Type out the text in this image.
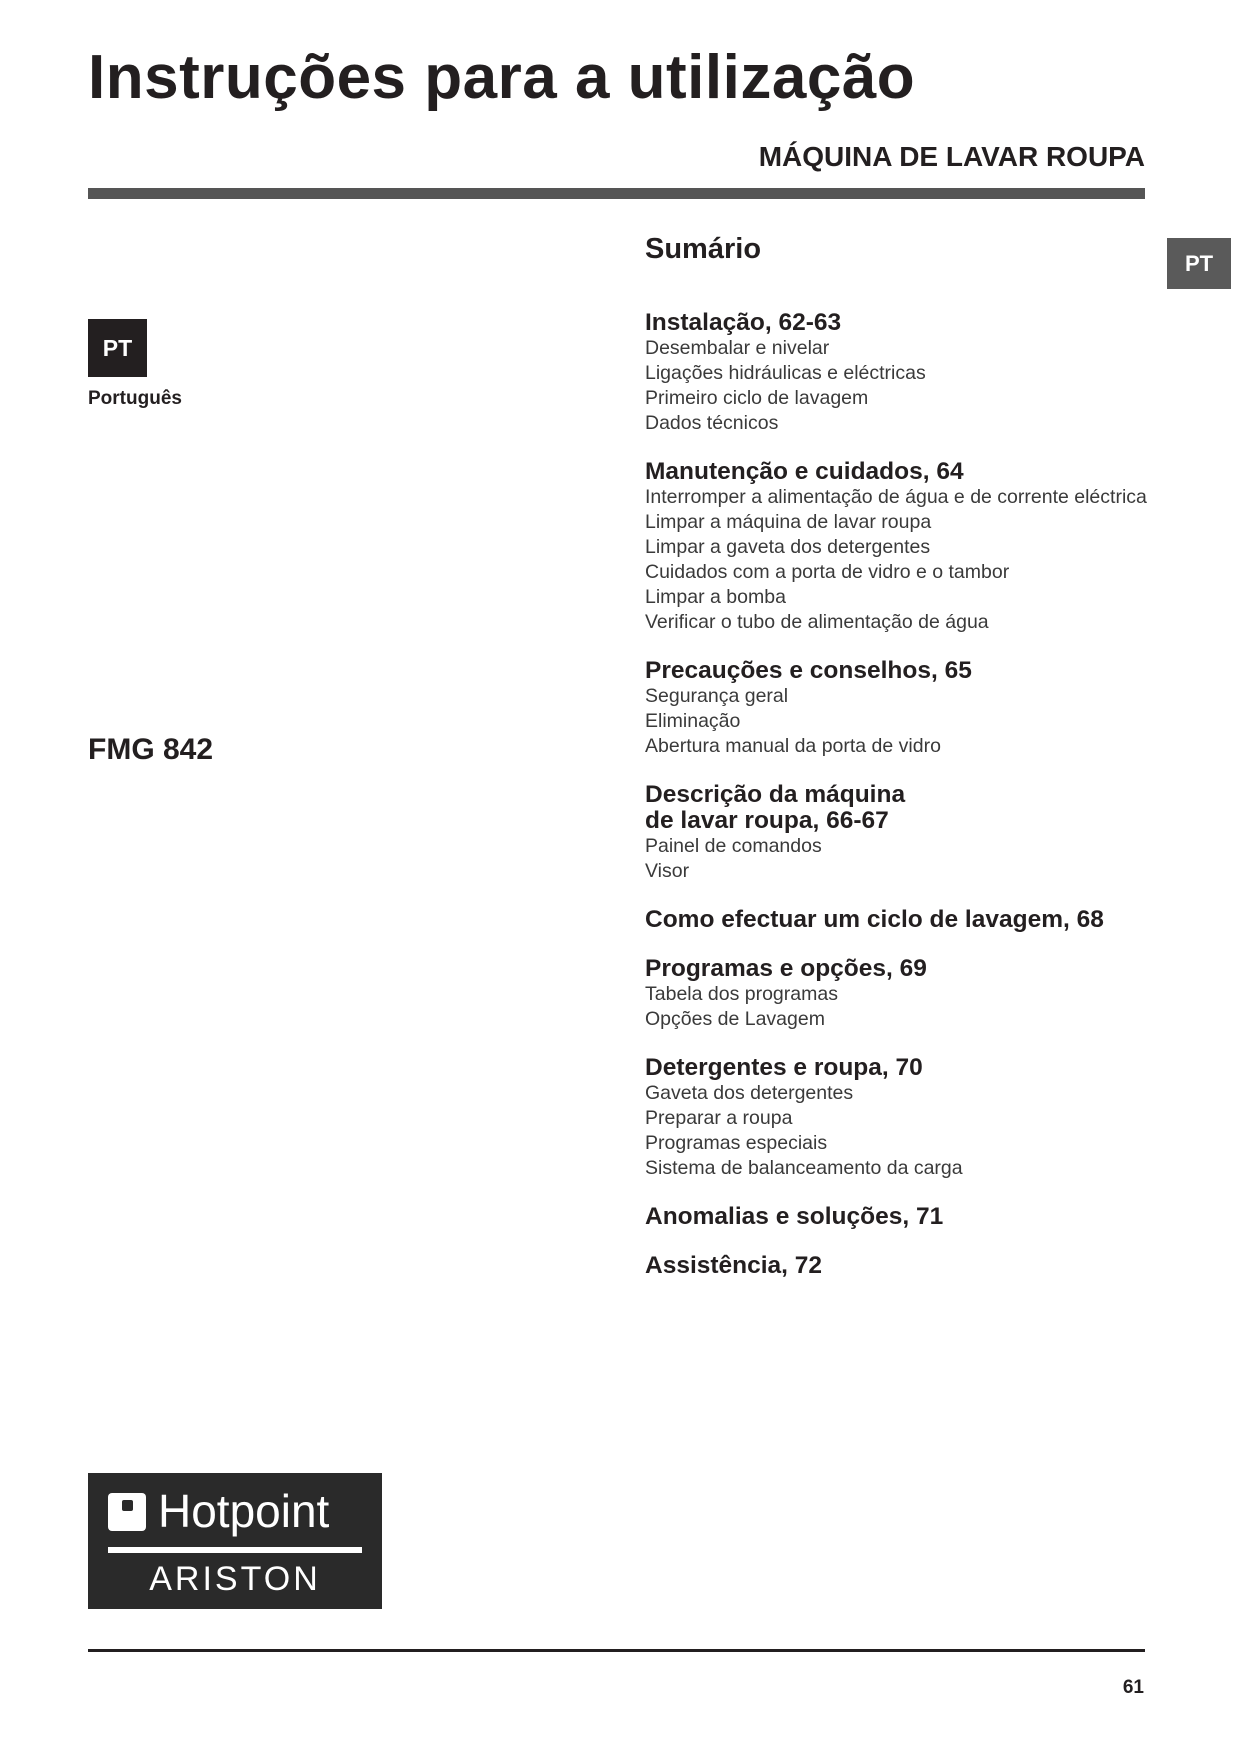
Instruções para a utilização
MÁQUINA DE LAVAR ROUPA
PT
PT
Português
FMG 842
Sumário
Instalação, 62-63
Desembalar e nivelar
Ligações hidráulicas e eléctricas
Primeiro ciclo de lavagem
Dados técnicos
Manutenção e cuidados, 64
Interromper a alimentação de água e de corrente eléctrica
Limpar a máquina de lavar roupa
Limpar a gaveta dos detergentes
Cuidados com a porta de vidro e o tambor
Limpar a bomba
Verificar o tubo de alimentação de água
Precauções e conselhos, 65
Segurança geral
Eliminação
Abertura manual da porta de vidro
Descrição da máquina
de lavar roupa, 66-67
Painel de comandos
Visor
Como efectuar um ciclo de lavagem, 68
Programas e opções, 69
Tabela dos programas
Opções de Lavagem
Detergentes e roupa, 70
Gaveta dos detergentes
Preparar a roupa
Programas especiais
Sistema de balanceamento da carga
Anomalias e soluções, 71
Assistência, 72
Hotpoint
ARISTON
61
